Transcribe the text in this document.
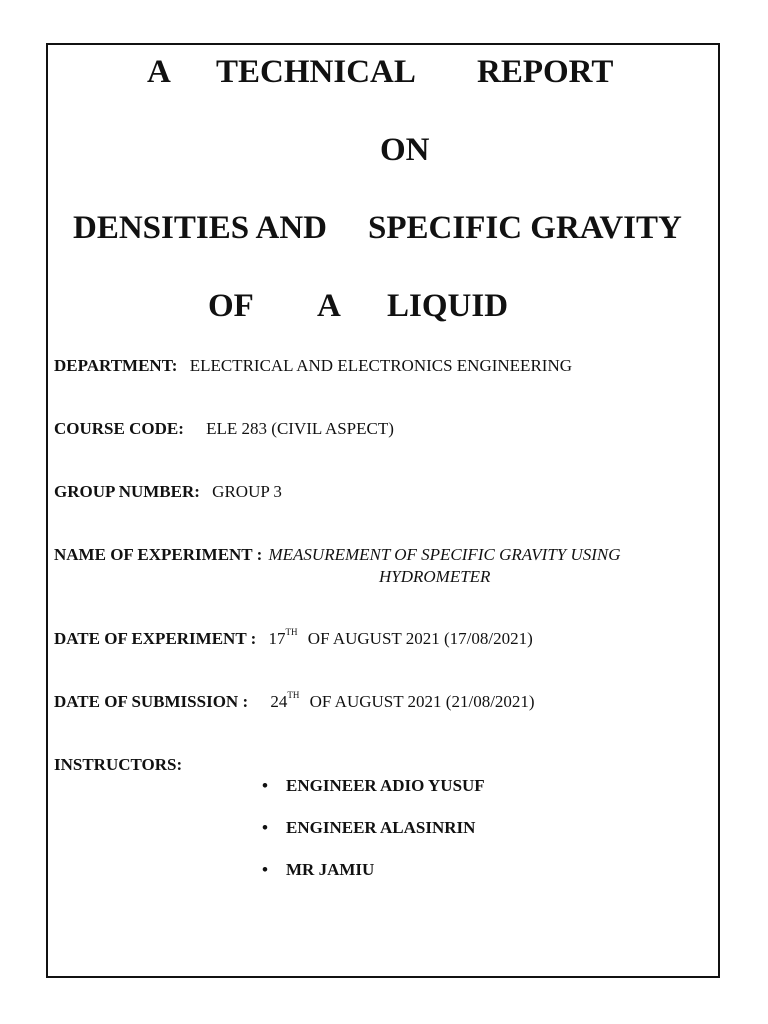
A TECHNICAL REPORT
ON
DENSITIES AND SPECIFIC GRAVITY
OF A LIQUID
DEPARTMENT: ELECTRICAL AND ELECTRONICS ENGINEERING
COURSE CODE: ELE 283 (CIVIL ASPECT)
GROUP NUMBER: GROUP 3
NAME OF EXPERIMENT : MEASUREMENT OF SPECIFIC GRAVITY USING
HYDROMETER
DATE OF EXPERIMENT : 17TH OF AUGUST 2021 (17/08/2021)
DATE OF SUBMISSION : 24TH OF AUGUST 2021 (21/08/2021)
INSTRUCTORS:
• ENGINEER ADIO YUSUF
• ENGINEER ALASINRIN
• MR JAMIU
